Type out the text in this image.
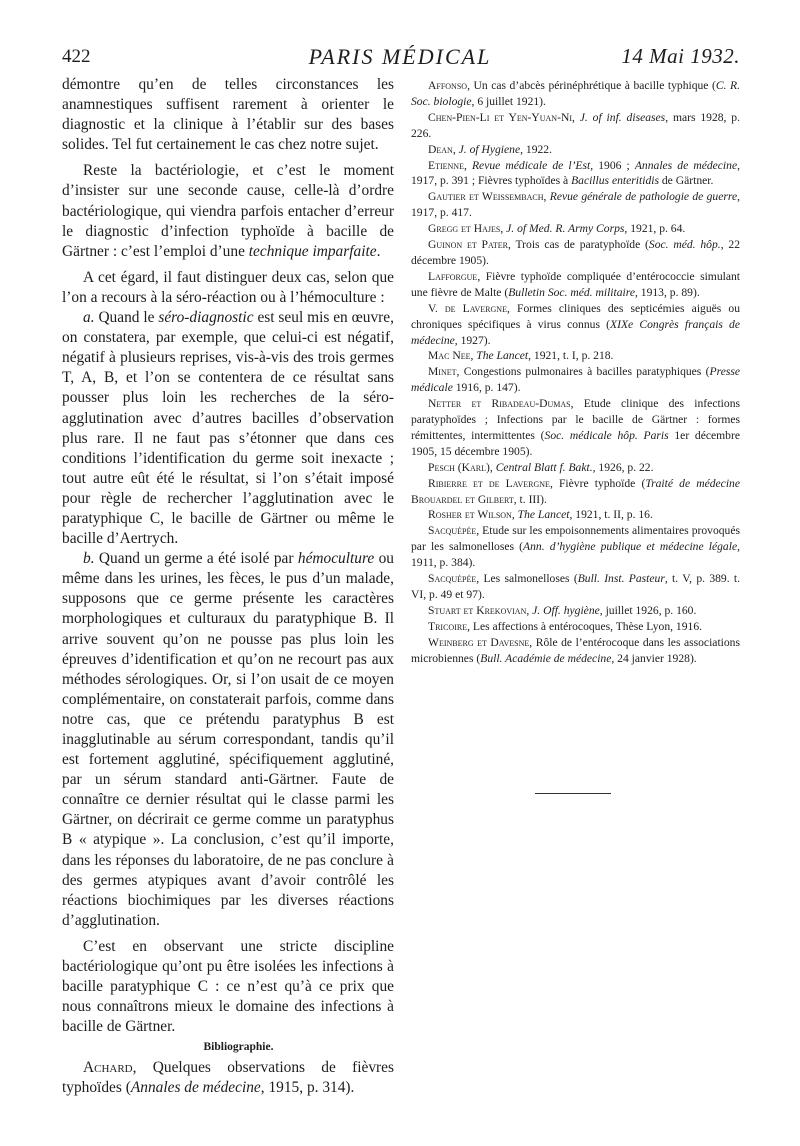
422	PARIS MÉDICAL	14 Mai 1932.

démontre qu’en de telles circonstances les anamnestiques suffisent rarement à orienter le diagnostic et la clinique à l’établir sur des bases solides. Tel fut certainement le cas chez notre sujet.

Reste la bactériologie, et c’est le moment d’insister sur une seconde cause, celle-là d’ordre bactériologique, qui viendra parfois entacher d’erreur le diagnostic d’infection typhoïde à bacille de Gärtner : c’est l’emploi d’une technique imparfaite.

A cet égard, il faut distinguer deux cas, selon que l’on a recours à la séro-réaction ou à l’hémoculture :

a. Quand le séro-diagnostic est seul mis en œuvre, on constatera, par exemple, que celui-ci est négatif, négatif à plusieurs reprises, vis-à-vis des trois germes T, A, B, et l’on se contentera de ce résultat sans pousser plus loin les recherches de la séro-agglutination avec d’autres bacilles d’observation plus rare. Il ne faut pas s’étonner que dans ces conditions l’identification du germe soit inexacte ; tout autre eût été le résultat, si l’on s’était imposé pour règle de rechercher l’agglutination avec le paratyphique C, le bacille de Gärtner ou même le bacille d’Aertrych.

b. Quand un germe a été isolé par hémoculture ou même dans les urines, les fèces, le pus d’un malade, supposons que ce germe présente les caractères morphologiques et culturaux du paratyphique B. Il arrive souvent qu’on ne pousse pas plus loin les épreuves d’identification et qu’on ne recourt pas aux méthodes sérologiques. Or, si l’on usait de ce moyen complémentaire, on constaterait parfois, comme dans notre cas, que ce prétendu paratyphus B est inagglutinable au sérum correspondant, tandis qu’il est fortement agglutiné, spécifiquement agglutiné, par un sérum standard anti-Gärtner. Faute de connaître ce dernier résultat qui le classe parmi les Gärtner, on décrirait ce germe comme un paratyphus B « atypique ». La conclusion, c’est qu’il importe, dans les réponses du laboratoire, de ne pas conclure à des germes atypiques avant d’avoir contrôlé les réactions biochimiques par les diverses réactions d’agglutination.

C’est en observant une stricte discipline bactériologique qu’ont pu être isolées les infections à bacille paratyphique C : ce n’est qu’à ce prix que nous connaîtrons mieux le domaine des infections à bacille de Gärtner.

Bibliographie.

Achard, Quelques observations de fièvres typhoïdes (Annales de médecine, 1915, p. 314).

Affonso, Un cas d’abcès périnéphrétique à bacille typhique (C. R. Soc. biologie, 6 juillet 1921).

Chen-Pien-Li et Yen-Yuan-Ni, J. of inf. diseases, mars 1928, p. 226.

Dean, J. of Hygiene, 1922.

Etienne, Revue médicale de l’Est, 1906 ; Annales de médecine, 1917, p. 391 ; Fièvres typhoïdes à Bacillus enteritidis de Gärtner.

Gautier et Weissembach, Revue générale de pathologie de guerre, 1917, p. 417.

Gregg et Hajes, J. of Med. R. Army Corps, 1921, p. 64.

Guinon et Pater, Trois cas de paratyphoïde (Soc. méd. hôp., 22 décembre 1905).

Lafforgue, Fièvre typhoïde compliquée d’entérococcie simulant une fièvre de Malte (Bulletin Soc. méd. militaire, 1913, p. 89).

V. de Lavergne, Formes cliniques des septicémies aiguës ou chroniques spécifiques à virus connus (XIXe Congrès français de médecine, 1927).

Mac Nee, The Lancet, 1921, t. I, p. 218.

Minet, Congestions pulmonaires à bacilles paratyphiques (Presse médicale 1916, p. 147).

Netter et Ribadeau-Dumas, Etude clinique des infections paratyphoïdes ; Infections par le bacille de Gärtner : formes rémittentes, intermittentes (Soc. médicale hôp. Paris 1er décembre 1905, 15 décembre 1905).

Pesch (Karl), Central Blatt f. Bakt., 1926, p. 22.

Ribierre et de Lavergne, Fièvre typhoïde (Traité de médecine Brouardel et Gilbert, t. III).

Rosher et Wilson, The Lancet, 1921, t. II, p. 16.

Sacquépée, Etude sur les empoisonnements alimentaires provoqués par les salmonelloses (Ann. d’hygiène publique et médecine légale, 1911, p. 384).

Sacquépée, Les salmonelloses (Bull. Inst. Pasteur, t. V, p. 389. t. VI, p. 49 et 97).

Stuart et Krekovian, J. Off. hygiène, juillet 1926, p. 160.

Tricoire, Les affections à entérocoques, Thèse Lyon, 1916.

Weinberg et Davesne, Rôle de l’entérocoque dans les associations microbiennes (Bull. Académie de médecine, 24 janvier 1928).
